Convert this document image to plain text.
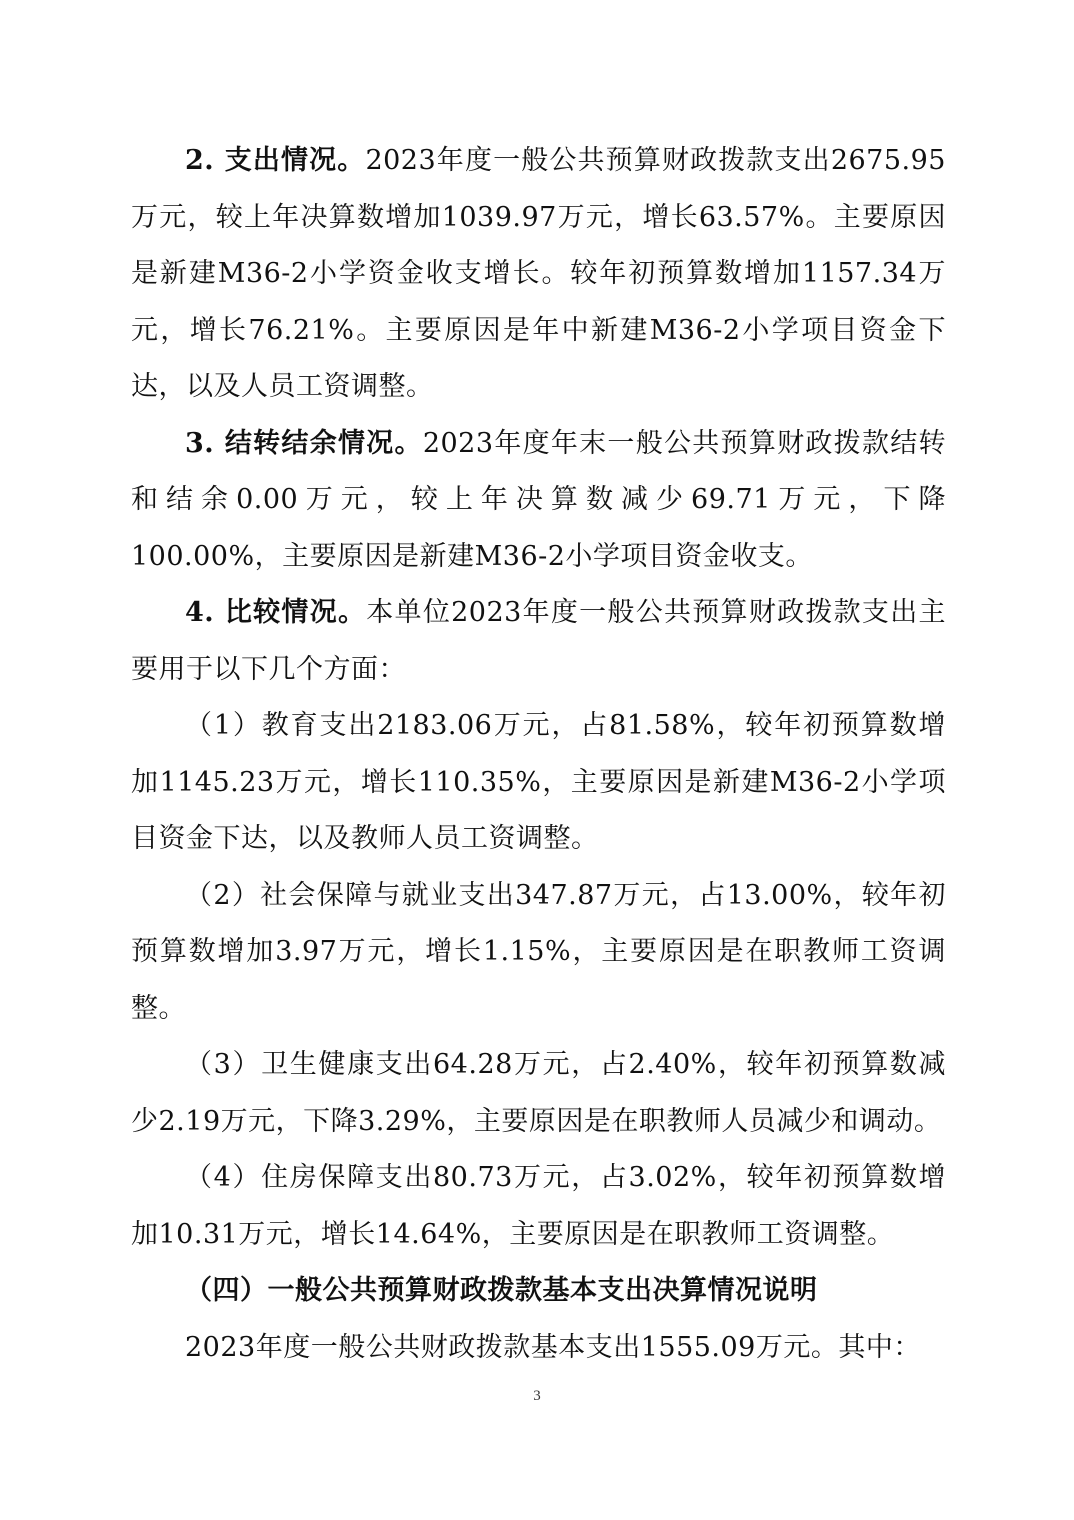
2. 支出情况。2023年度一般公共预算财政拨款支出2675.95万元，较上年决算数增加1039.97万元，增长63.57%。主要原因是新建M36-2小学资金收支增长。较年初预算数增加1157.34万元，增长76.21%。主要原因是年中新建M36-2小学项目资金下达，以及人员工资调整。

3. 结转结余情况。2023年度年末一般公共预算财政拨款结转和结余0.00万元，较上年决算数减少69.71万元，下降100.00%，主要原因是新建M36-2小学项目资金收支。

4. 比较情况。本单位2023年度一般公共预算财政拨款支出主要用于以下几个方面：

（1）教育支出2183.06万元，占81.58%，较年初预算数增加1145.23万元，增长110.35%，主要原因是新建M36-2小学项目资金下达，以及教师人员工资调整。

（2）社会保障与就业支出347.87万元，占13.00%，较年初预算数增加3.97万元，增长1.15%，主要原因是在职教师工资调整。

（3）卫生健康支出64.28万元，占2.40%，较年初预算数减少2.19万元，下降3.29%，主要原因是在职教师人员减少和调动。

（4）住房保障支出80.73万元，占3.02%，较年初预算数增加10.31万元，增长14.64%，主要原因是在职教师工资调整。

（四）一般公共预算财政拨款基本支出决算情况说明

2023年度一般公共财政拨款基本支出1555.09万元。其中：

3
